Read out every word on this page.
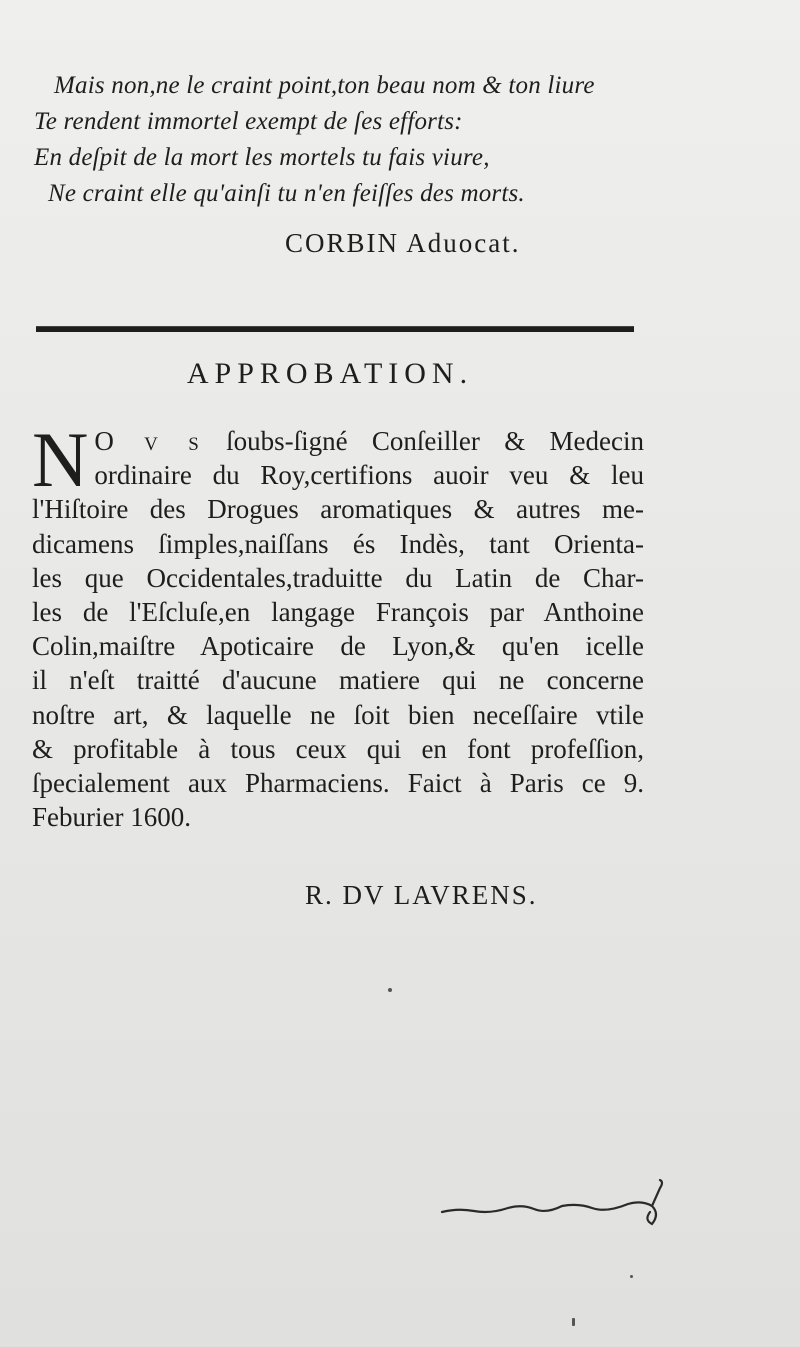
Mais non,ne le craint point,ton beau nom & ton liure
Te rendent immortel exempt de ſes efforts:
En deſpit de la mort les mortels tu fais viure,
Ne craint elle qu'ainſi tu n'en feiſſes des morts.
CORBIN Aduocat.
APPROBATION.
N O v s ſoubs-ſigné Conſeiller & Medecin
ordinaire du Roy,certifions auoir veu & leu
l'Hiſtoire des Drogues aromatiques & autres me-
dicamens ſimples,naiſſans és Indès, tant Orienta-
les que Occidentales,traduitte du Latin de Char-
les de l'Eſcluſe,en langage François par Anthoine
Colin,maiſtre Apoticaire de Lyon,& qu'en icelle
il n'eſt traitté d'aucune matiere qui ne concerne
noſtre art, & laquelle ne ſoit bien neceſſaire vtile
& profitable à tous ceux qui en font profeſſion,
ſpecialement aux Pharmaciens. Faict à Paris ce 9.
Feburier 1600.
R. DV LAVRENS.
